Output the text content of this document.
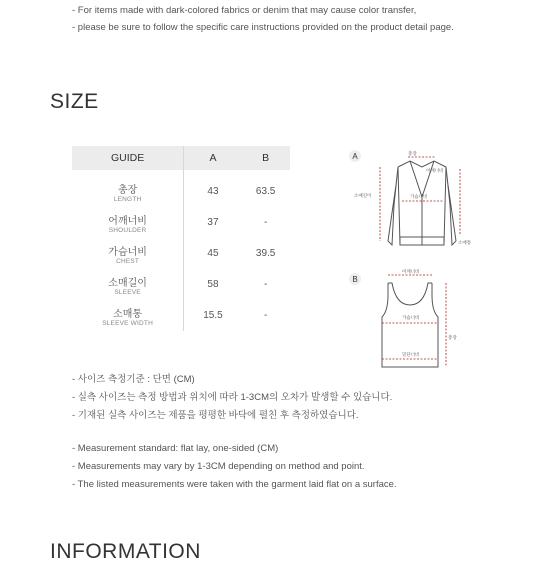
- For items made with dark-colored fabrics or denim that may cause color transfer,
- please be sure to follow the specific care instructions provided on the product detail page.
SIZE
GUIDE	A	B

총장
LENGTH	43	63.5

어깨너비
SHOULDER	37	-

가슴너비
CHEST	45	39.5

소매길이
SLEEVE	58	-

소매통
SLEEVE WIDTH	15.5	-
A	총장
어깨너비
소매길이	가슴너비
소매통
B
어깨너비
가슴너비
총장
밑단너비
- 사이즈 측정기준 : 단면 (CM)
- 실측 사이즈는 측정 방법과 위치에 따라 1-3CM의 오차가 발생할 수 있습니다.
- 기재된 실측 사이즈는 제품을 평평한 바닥에 펼친 후 측정하였습니다.
- Measurement standard: flat lay, one-sided (CM)
- Measurements may vary by 1-3CM depending on method and point.
- The listed measurements were taken with the garment laid flat on a surface.
INFORMATION
